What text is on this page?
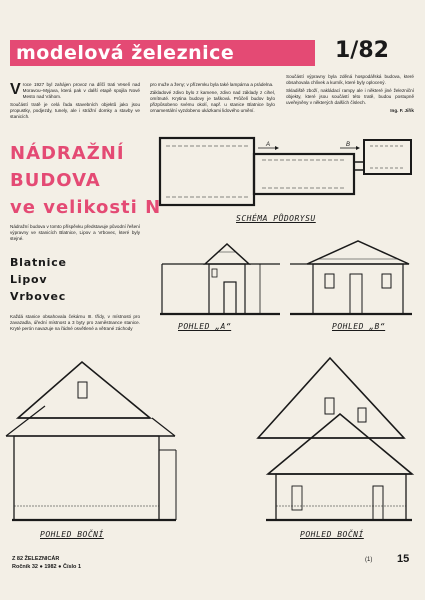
modelová železnice	1/82

Vroce 1927 byl zahájen provoz na dílčí trati Veselí nad Moravou–Myjava, která pak v další etapě spojila Nové Mesto nad Váhom.

Součástí tratě je celá řada stavebních objektů jako jsou propustky, podjezdy, tunely, ale i strážní domky a stavby ve stanicích.

pro muže a ženy; v přízemku byla také lampárna a prádelna.

Základové zdivo bylo z kamene, zdivo nad základy z cihel, omítnuté. Krytina budovy je tašková. Průčelí budov bylo přizpůsobeno svému okolí, např. u stanice Blatnice bylo ornamentální vyzdobeno ukázkami lidového umění.

Součástí výpravny byla zděná hospodářská budova, které obsahovala chlívek a kurník, které byly oplocený.

Skladiště zboží, nakládací rampy ale i některé jiné železniční objekty, které jsou součástí této tratě, budou postupně uveřejněny v některých dalších číslech.

Ing. F. Jiřík

NÁDRAŽNÍ
BUDOVA
ve velikosti N
Nádražní budova v tomto příspěvku představuje původní řešení výpravny ve stanicích Blatnice, Lipov a Vrbovec, které byly stejné.
Blatnice
Lipov
Vrbovec
Každá stanice obsahovala čekárnu III. třídy, v místnosti pro zavazadla, úřední místnost a 3 byty pro zaměstnance stanice. Kryté perón navazuje na řádné osvětlené a větrané záchody
A	B
SCHÉMA PŮDORYSU
POHLED „A“	POHLED „B“
POHLED BOČNÍ	POHLED BOČNÍ
Z 82 ŽELEZNICÁR
Ročník 32 ● 1982 ● Číslo 1
(1) 15
